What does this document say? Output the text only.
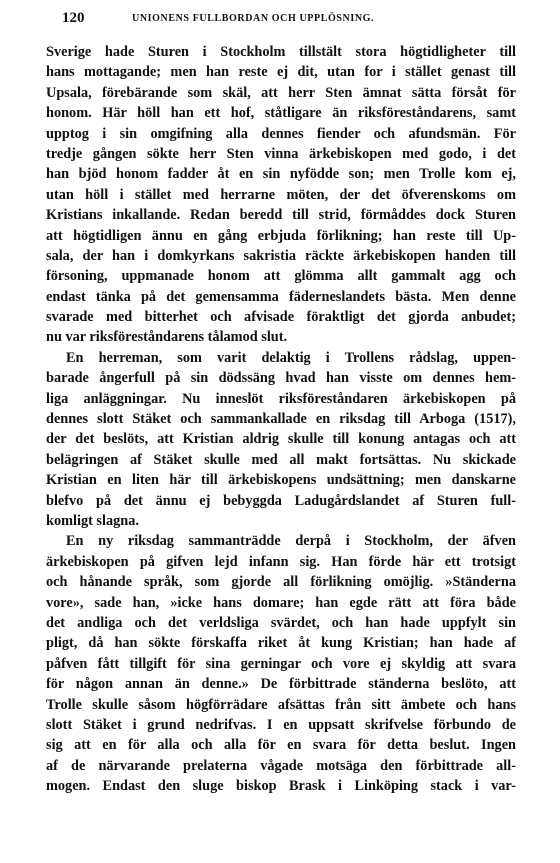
120	UNIONENS FULLBORDAN OCH UPPLÖSNING.
Sverige hade Sturen i Stockholm tillstält stora högtidligheter till
hans mottagande; men han reste ej dit, utan for i stället genast till
Upsala, förebärande som skäl, att herr Sten ämnat sätta försåt för
honom. Här höll han ett hof, ståtligare än riksföreståndarens, samt
upptog i sin omgifning alla dennes fiender och afundsmän. För
tredje gången sökte herr Sten vinna ärkebiskopen med godo, i det
han bjöd honom fadder åt en sin nyfödde son; men Trolle kom ej,
utan höll i stället med herrarne möten, der det öfverenskoms om
Kristians inkallande. Redan beredd till strid, förmåddes dock Sturen
att högtidligen ännu en gång erbjuda förlikning; han reste till Up-
sala, der han i domkyrkans sakristia räckte ärkebiskopen handen till
försoning, uppmanade honom att glömma allt gammalt agg och
endast tänka på det gemensamma fäderneslandets bästa. Men denne
svarade med bitterhet och afvisade föraktligt det gjorda anbudet;
nu var riksföreståndarens tålamod slut.
En herreman, som varit delaktig i Trollens rådslag, uppen-
barade ångerfull på sin dödssäng hvad han visste om dennes hem-
liga anläggningar. Nu inneslöt riksföreståndaren ärkebiskopen på
dennes slott Stäket och sammankallade en riksdag till Arboga (1517),
der det beslöts, att Kristian aldrig skulle till konung antagas och att
belägringen af Stäket skulle med all makt fortsättas. Nu skickade
Kristian en liten här till ärkebiskopens undsättning; men danskarne
blefvo på det ännu ej bebyggda Ladugårdslandet af Sturen full-
komligt slagna.
En ny riksdag sammanträdde derpå i Stockholm, der äfven
ärkebiskopen på gifven lejd infann sig. Han förde här ett trotsigt
och hånande språk, som gjorde all förlikning omöjlig. »Ständerna
vore», sade han, »icke hans domare; han egde rätt att föra både
det andliga och det verldsliga svärdet, och han hade uppfylt sin
pligt, då han sökte förskaffa riket åt kung Kristian; han hade af
påfven fått tillgift för sina gerningar och vore ej skyldig att svara
för någon annan än denne.» De förbittrade ständerna beslöto, att
Trolle skulle såsom högförrädare afsättas från sitt ämbete och hans
slott Stäket i grund nedrifvas. I en uppsatt skrifvelse förbundo de
sig att en för alla och alla för en svara för detta beslut. Ingen
af de närvarande prelaterna vågade motsäga den förbittrade all-
mogen. Endast den sluge biskop Brask i Linköping stack i var-
